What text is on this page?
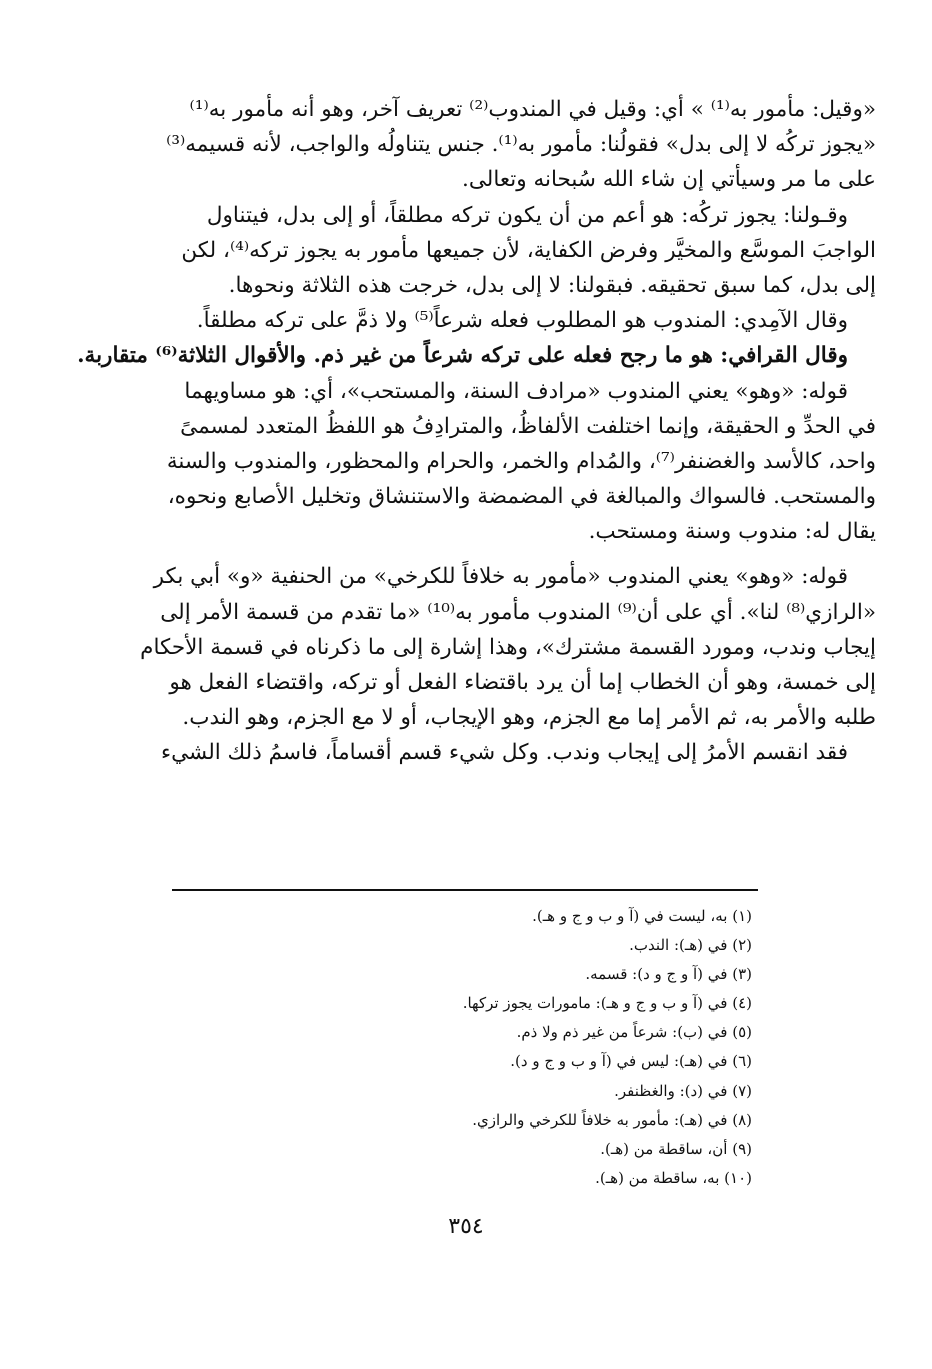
«وقيل: مأمور به⁽¹⁾ » أي: وقيل في المندوب⁽²⁾ تعريف آخر، وهو أنه مأمور به⁽¹⁾
«يجوز تركُه لا إلى بدل» فقولُنا: مأمور به⁽¹⁾. جنس يتناولُه والواجب، لأنه قسيمه⁽³⁾
على ما مر وسيأتي إن شاء الله سُبحانه وتعالى.
وقـولنا: يجوز تركُه: هو أعم من أن يكون تركه مطلقاً، أو إلى بدل، فيتناول
الواجبَ الموسَّع والمخيَّر وفرض الكفاية، لأن جميعها مأمور به يجوز تركه⁽⁴⁾، لكن
إلى بدل، كما سبق تحقيقه. فبقولنا: لا إلى بدل، خرجت هذه الثلاثة ونحوها.
وقال الآمِدي: المندوب هو المطلوب فعله شرعاً⁽⁵⁾ ولا ذمَّ على تركه مطلقاً.
وقال القرافي: هو ما رجح فعله على تركه شرعاً من غير ذم. والأقوال الثلاثة⁽⁶⁾ متقاربة.
قوله: «وهو» يعني المندوب «مرادف السنة، والمستحب»، أي: هو مساويهما
في الحدِّ و الحقيقة، وإنما اختلفت الألفاظُ، والمترادِفُ هو اللفظُ المتعدد لمسمىً
واحد، كالأسد والغضنفر⁽⁷⁾، والمُدام والخمر، والحرام والمحظور، والمندوب والسنة
والمستحب. فالسواك والمبالغة في المضمضة والاستنشاق وتخليل الأصابع ونحوه،
يقال له: مندوب وسنة ومستحب.
قوله: «وهو» يعني المندوب «مأمور به خلافاً للكرخي» من الحنفية «و» أبي بكر
«الرازي⁽⁸⁾ لنا». أي على أن⁽⁹⁾ المندوب مأمور به⁽¹⁰⁾ «ما تقدم من قسمة الأمر إلى
إيجاب وندب، ومورد القسمة مشترك»، وهذا إشارة إلى ما ذكرناه في قسمة الأحكام
إلى خمسة، وهو أن الخطاب إما أن يرد باقتضاء الفعل أو تركه، واقتضاء الفعل هو
طلبه والأمر به، ثم الأمر إما مع الجزم، وهو الإيجاب، أو لا مع الجزم، وهو الندب.
فقد انقسم الأمرُ إلى إيجاب وندب. وكل شيء قسم أقساماً، فاسمُ ذلك الشيء
(١) به، ليست في (آ و ب و ج و هـ).
(٢) في (هـ): الندب.
(٣) في (آ و ج و د): قسمه.
(٤) في (آ و ب و ج و هـ): مامورات يجوز تركها.
(٥) في (ب): شرعاً من غير ذم ولا ذم.
(٦) في (هـ): ليس في (آ و ب و ج و د).
(٧) في (د): والغظنفر.
(٨) في (هـ): مأمور به خلافاً للكرخي والرازي.
(٩) أن، ساقطة من (هـ).
(١٠) به، ساقطة من (هـ).
٣٥٤
